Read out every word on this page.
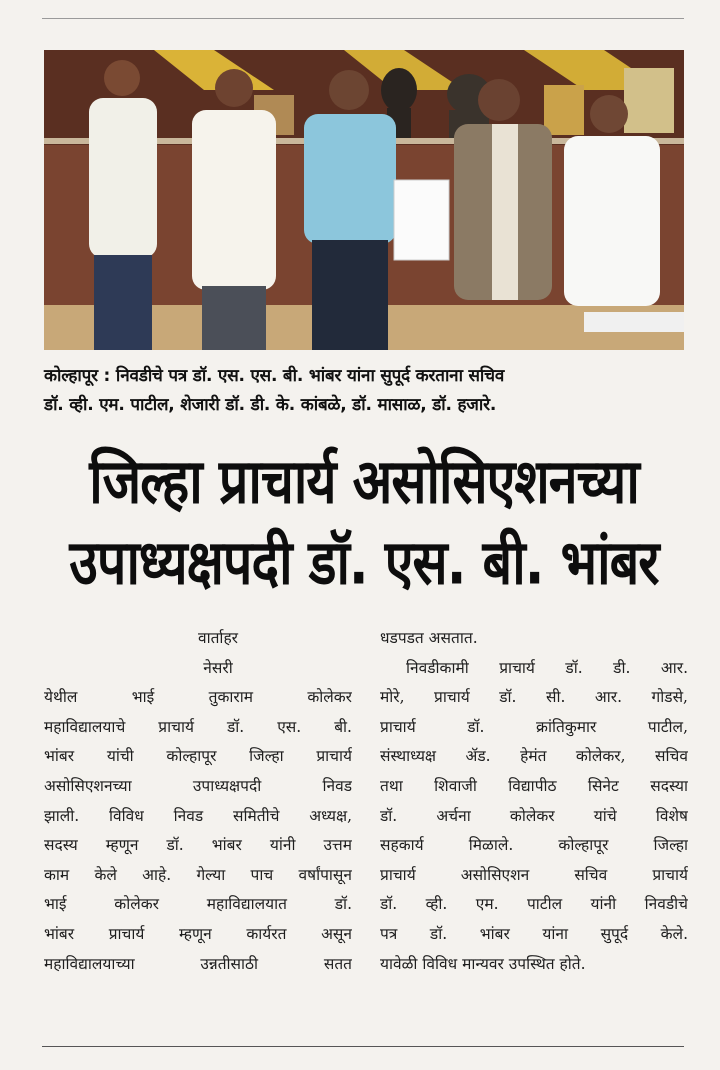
कोल्हापूर : निवडीचे पत्र डॉ. एस. एस. बी. भांबर यांना सुपूर्द करताना सचिव
डॉ. व्ही. एम. पाटील, शेजारी डॉ. डी. के. कांबळे, डॉ. मासाळ, डॉ. हजारे.
जिल्हा प्राचार्य असोसिएशनच्या
उपाध्यक्षपदी डॉ. एस. बी. भांबर
वार्ताहर
नेसरी
येथील भाई तुकाराम कोलेकर
महाविद्यालयाचे प्राचार्य डॉ. एस. बी.
भांबर यांची कोल्हापूर जिल्हा प्राचार्य
असोसिएशनच्या उपाध्यक्षपदी निवड
झाली. विविध निवड समितीचे अध्यक्ष,
सदस्य म्हणून डॉ. भांबर यांनी उत्तम
काम केले आहे. गेल्या पाच वर्षांपासून
भाई कोलेकर महाविद्यालयात डॉ.
भांबर प्राचार्य म्हणून कार्यरत असून
महाविद्यालयाच्या उन्नतीसाठी सतत
धडपडत असतात.
निवडीकामी प्राचार्य डॉ. डी. आर.
मोरे, प्राचार्य डॉ. सी. आर. गोडसे,
प्राचार्य डॉ. क्रांतिकुमार पाटील,
संस्थाध्यक्ष ॲड. हेमंत कोलेकर, सचिव
तथा शिवाजी विद्यापीठ सिनेट सदस्या
डॉ. अर्चना कोलेकर यांचे विशेष
सहकार्य मिळाले. कोल्हापूर जिल्हा
प्राचार्य असोसिएशन सचिव प्राचार्य
डॉ. व्ही. एम. पाटील यांनी निवडीचे
पत्र डॉ. भांबर यांना सुपूर्द केले.
यावेळी विविध मान्यवर उपस्थित होते.
